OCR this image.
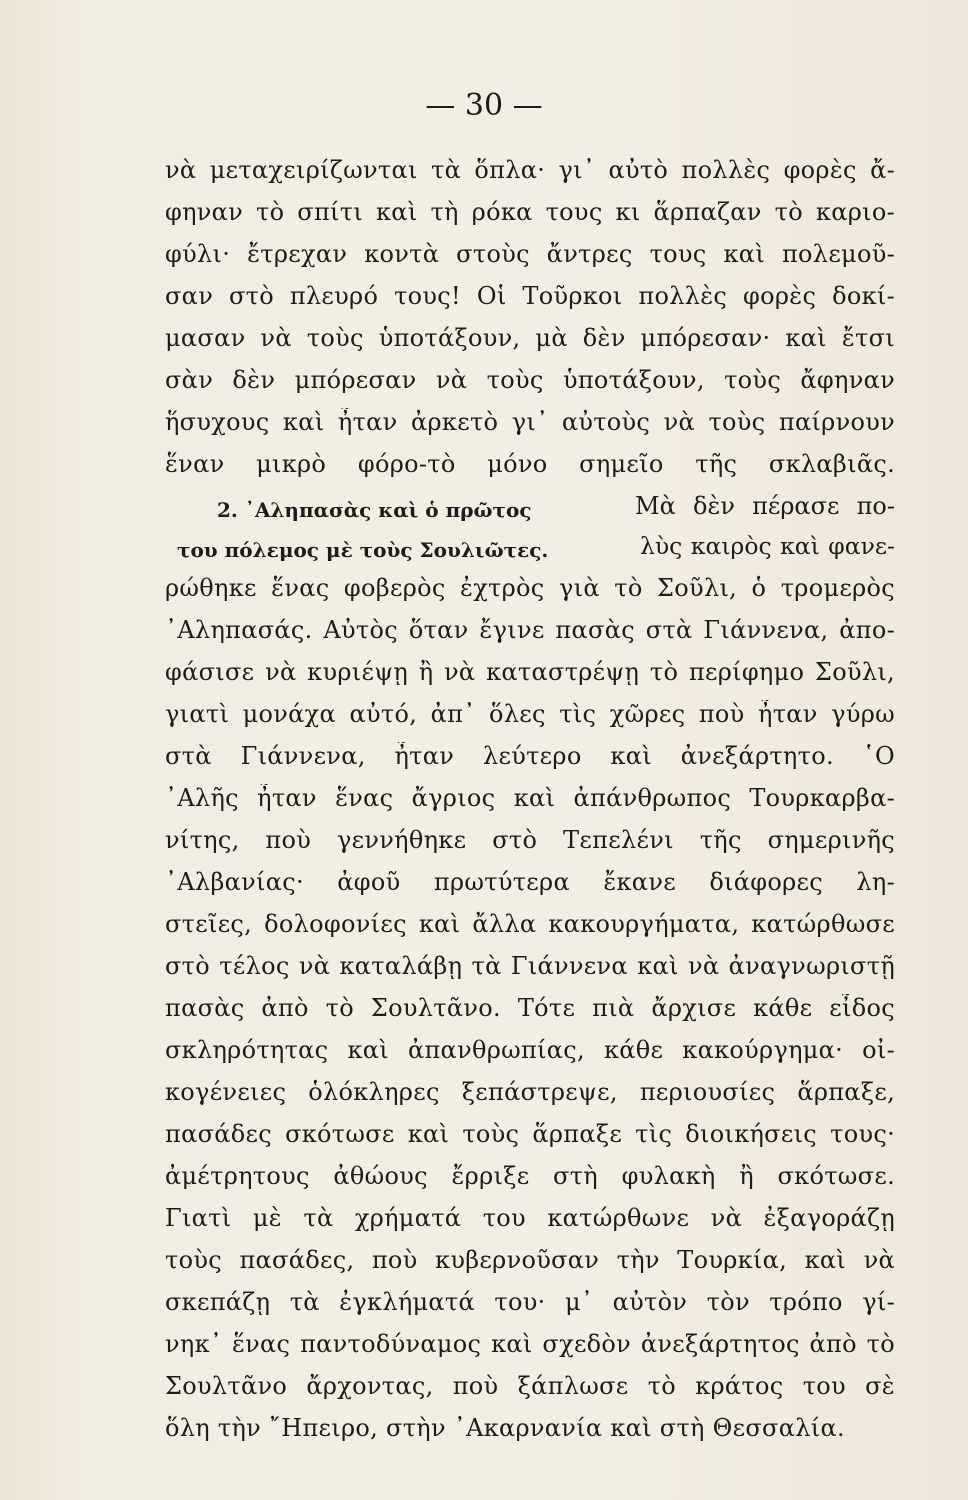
— 30 —
νὰ μεταχειρίζωνται τὰ ὅπλα· γι᾽ αὐτὸ πολλὲς φορὲς ἄ-
φηναν τὸ σπίτι καὶ τὴ ρόκα τους κι ἅρπαζαν τὸ καριο-
φύλι· ἔτρεχαν κοντὰ στοὺς ἄντρες τους καὶ πολεμοῦ-
σαν στὸ πλευρό τους! Οἱ Τοῦρκοι πολλὲς φορὲς δοκί-
μασαν νὰ τοὺς ὑποτάξουν, μὰ δὲν μπόρεσαν· καὶ ἔτσι
σὰν δὲν μπόρεσαν νὰ τοὺς ὑποτάξουν, τοὺς ἄφηναν
ἥσυχους καὶ ἦταν ἀρκετὸ γι᾽ αὐτοὺς νὰ τοὺς παίρνουν
ἕναν μικρὸ φόρο-τὸ μόνο σημεῖο τῆς σκλαβιᾶς.
2. ᾽Αληπασὰς καὶ ὁ πρῶτος	Μὰ δὲν πέρασε πο-
του πόλεμος μὲ τοὺς Σουλιῶτες.	λὺς καιρὸς καὶ φανε-
ρώθηκε ἕνας φοβερὸς ἐχτρὸς γιὰ τὸ Σοῦλι, ὁ τρομερὸς
᾽Αληπασάς. Αὐτὸς ὅταν ἔγινε πασὰς στὰ Γιάννενα, ἀπο-
φάσισε νὰ κυριέψῃ ἢ νὰ καταστρέψῃ τὸ περίφημο Σοῦλι,
γιατὶ μονάχα αὐτό, ἀπ᾽ ὅλες τὶς χῶρες ποὺ ἦταν γύρω
στὰ Γιάννενα, ἦταν λεύτερο καὶ ἀνεξάρτητο. ῾Ο
᾽Αλῆς ἦταν ἕνας ἄγριος καὶ ἀπάνθρωπος Τουρκαρβα-
νίτης, ποὺ γεννήθηκε στὸ Τεπελένι τῆς σημερινῆς
᾽Αλβανίας· ἀφοῦ πρωτύτερα ἔκανε διάφορες λη-
στεῖες, δολοφονίες καὶ ἄλλα κακουργήματα, κατώρθωσε
στὸ τέλος νὰ καταλάβῃ τὰ Γιάννενα καὶ νὰ ἀναγνωριστῇ
πασὰς ἀπὸ τὸ Σουλτᾶνο. Τότε πιὰ ἄρχισε κάθε εἶδος
σκληρότητας καὶ ἀπανθρωπίας, κάθε κακούργημα· οἰ-
κογένειες ὁλόκληρες ξεπάστρεψε, περιουσίες ἅρπαξε,
πασάδες σκότωσε καὶ τοὺς ἅρπαξε τὶς διοικήσεις τους·
ἀμέτρητους ἀθώους ἔρριξε στὴ φυλακὴ ἢ σκότωσε.
Γιατὶ μὲ τὰ χρήματά του κατώρθωνε νὰ ἐξαγοράζῃ
τοὺς πασάδες, ποὺ κυβερνοῦσαν τὴν Τουρκία, καὶ νὰ
σκεπάζῃ τὰ ἐγκλήματά του· μ᾽ αὐτὸν τὸν τρόπο γί-
νηκ᾽ ἕνας παντοδύναμος καὶ σχεδὸν ἀνεξάρτητος ἀπὸ τὸ
Σουλτᾶνο ἄρχοντας, ποὺ ξάπλωσε τὸ κράτος του σὲ
ὅλη τὴν ῎Ηπειρο, στὴν ᾽Ακαρνανία καὶ στὴ Θεσσαλία.
